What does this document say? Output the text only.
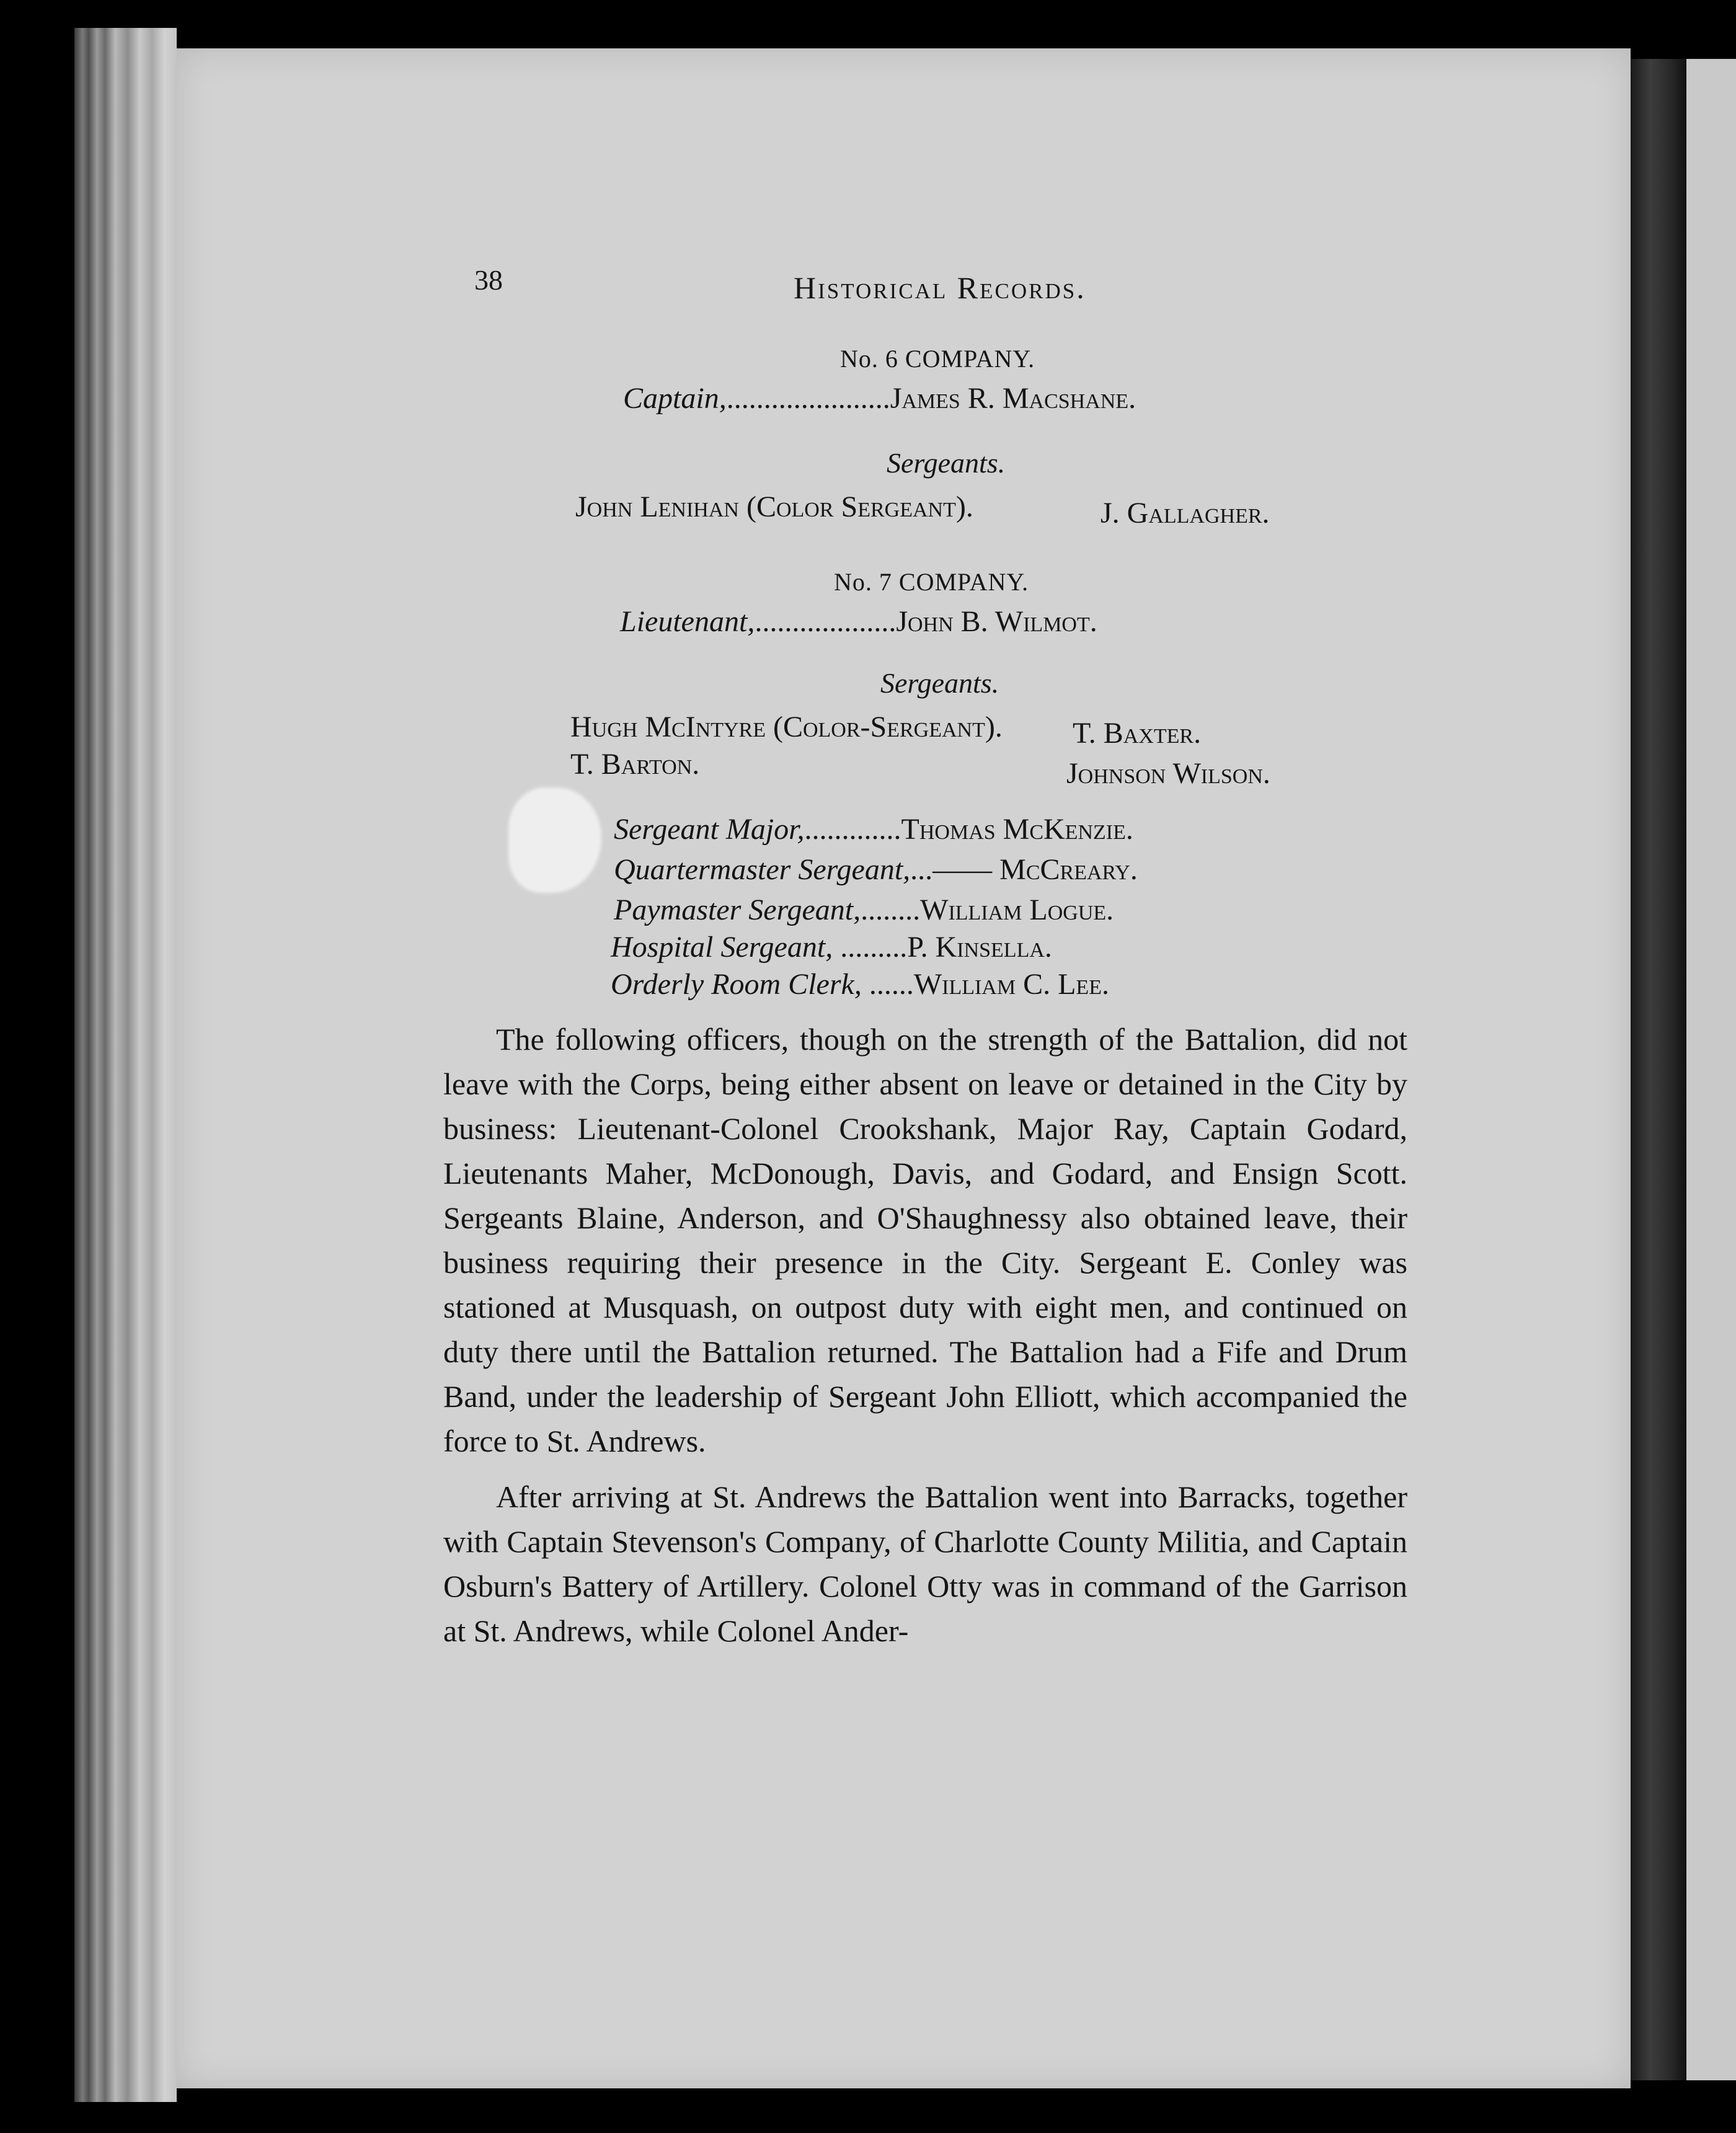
38	Historical Records.
No. 6 COMPANY.
Captain,......................James R. Macshane.
Sergeants.
John Lenihan (Color Sergeant).	J. Gallagher.
No. 7 COMPANY.
Lieutenant,...................John B. Wilmot.
Sergeants.
Hugh McIntyre (Color-Sergeant). T. Baxter.
T. Barton.	Johnson Wilson.
Sergeant Major,.............Thomas McKenzie.
Quartermaster Sergeant,...—— McCreary.
Paymaster Sergeant,........William Logue.
Hospital Sergeant, .........P. Kinsella.
Orderly Room Clerk, ......William C. Lee.

The following officers, though on the strength of the Battalion, did not leave with the Corps, being either absent on leave or detained in the City by business: Lieutenant-Colonel Crookshank, Major Ray, Captain Godard, Lieutenants Maher, McDonough, Davis, and Godard, and Ensign Scott. Sergeants Blaine, Anderson, and O'Shaughnessy also obtained leave, their business requiring their presence in the City. Sergeant E. Conley was stationed at Musquash, on outpost duty with eight men, and continued on duty there until the Battalion returned. The Battalion had a Fife and Drum Band, under the leadership of Sergeant John Elliott, which accompanied the force to St. Andrews.

After arriving at St. Andrews the Battalion went into Barracks, together with Captain Stevenson's Company, of Charlotte County Militia, and Captain Osburn's Battery of Artillery. Colonel Otty was in command of the Garrison at St. Andrews, while Colonel Ander-
